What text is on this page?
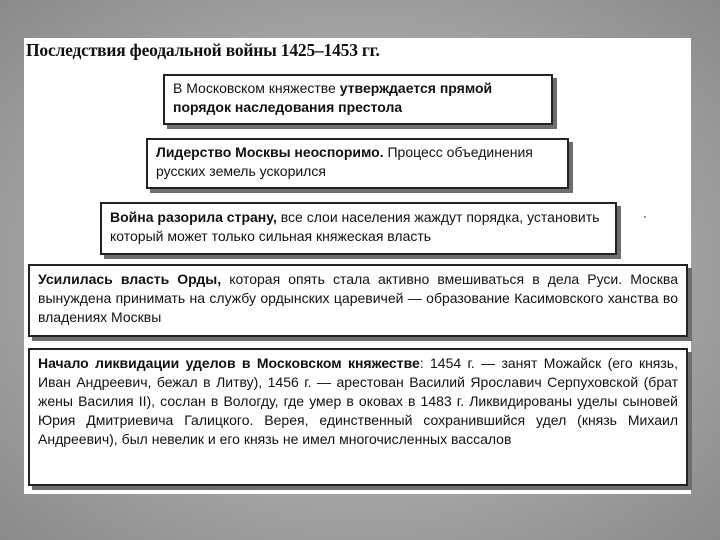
Последствия феодальной войны 1425–1453 гг.
В Московском княжестве утверждается прямой порядок наследования престола
Лидерство Москвы неоспоримо. Процесс объединения русских земель ускорился
Война разорила страну, все слои населения жаждут порядка, установить который может только сильная княжеская власть
Усилилась власть Орды, которая опять стала активно вмешиваться в дела Руси. Москва вынуждена принимать на службу ордынских царевичей — образование Касимовского ханства во владениях Москвы
Начало ликвидации уделов в Московском княжестве: 1454 г. — занят Можайск (его князь, Иван Андреевич, бежал в Литву), 1456 г. — арестован Василий Ярославич Серпуховской (брат жены Василия II), сослан в Вологду, где умер в оковах в 1483 г. Ликвидированы уделы сыновей Юрия Дмитриевича Галицкого. Верея, единственный сохранившийся удел (князь Михаил Андреевич), был невелик и его князь не имел многочисленных вассалов
